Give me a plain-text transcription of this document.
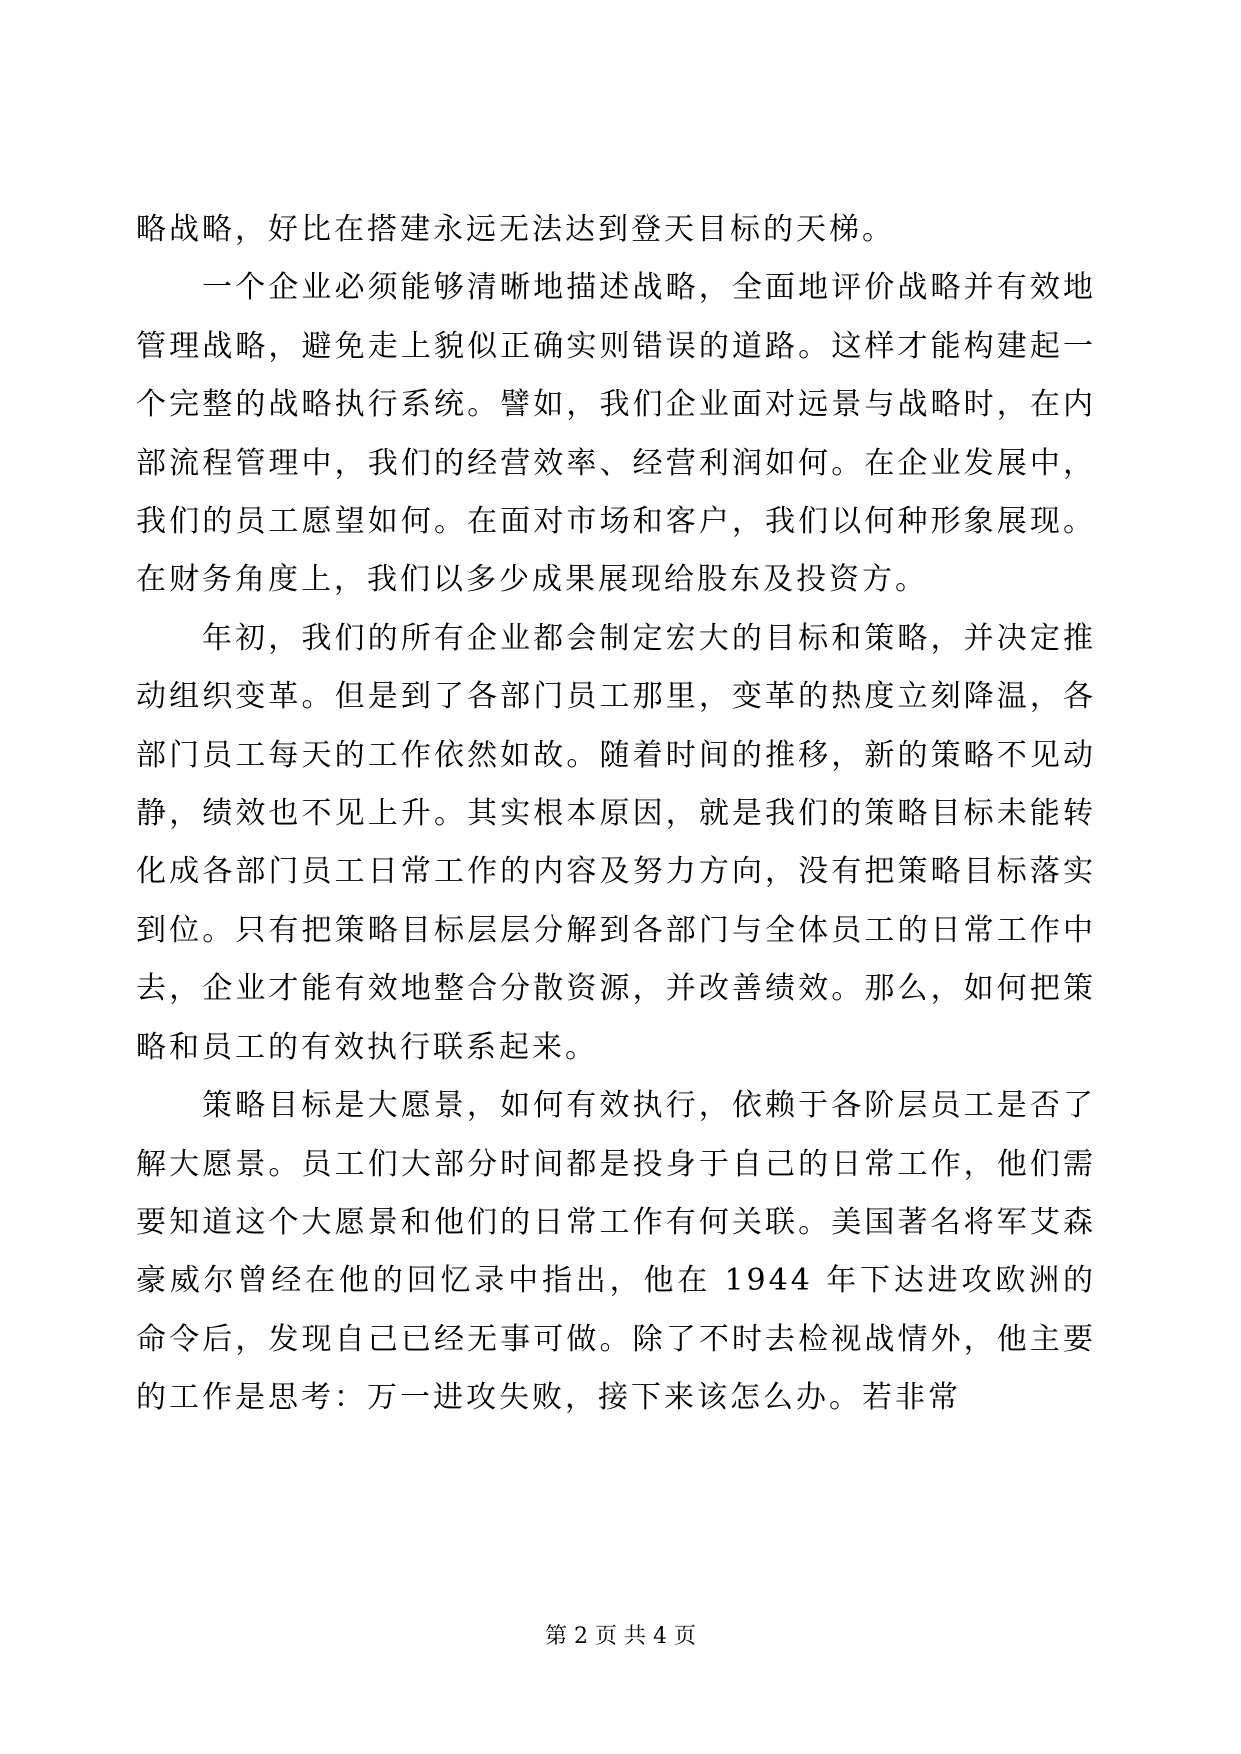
略战略，好比在搭建永远无法达到登天目标的天梯。

一个企业必须能够清晰地描述战略，全面地评价战略并有效地管理战略，避免走上貌似正确实则错误的道路。这样才能构建起一个完整的战略执行系统。譬如，我们企业面对远景与战略时，在内部流程管理中，我们的经营效率、经营利润如何。在企业发展中，我们的员工愿望如何。在面对市场和客户，我们以何种形象展现。在财务角度上，我们以多少成果展现给股东及投资方。

年初，我们的所有企业都会制定宏大的目标和策略，并决定推动组织变革。但是到了各部门员工那里，变革的热度立刻降温，各部门员工每天的工作依然如故。随着时间的推移，新的策略不见动静，绩效也不见上升。其实根本原因，就是我们的策略目标未能转化成各部门员工日常工作的内容及努力方向，没有把策略目标落实到位。只有把策略目标层层分解到各部门与全体员工的日常工作中去，企业才能有效地整合分散资源，并改善绩效。那么，如何把策略和员工的有效执行联系起来。

策略目标是大愿景，如何有效执行，依赖于各阶层员工是否了解大愿景。员工们大部分时间都是投身于自己的日常工作，他们需要知道这个大愿景和他们的日常工作有何关联。美国著名将军艾森豪威尔曾经在他的回忆录中指出，他在 1944 年下达进攻欧洲的命令后，发现自己已经无事可做。除了不时去检视战情外，他主要的工作是思考：万一进攻失败，接下来该怎么办。若非常

第 2 页 共 4 页
